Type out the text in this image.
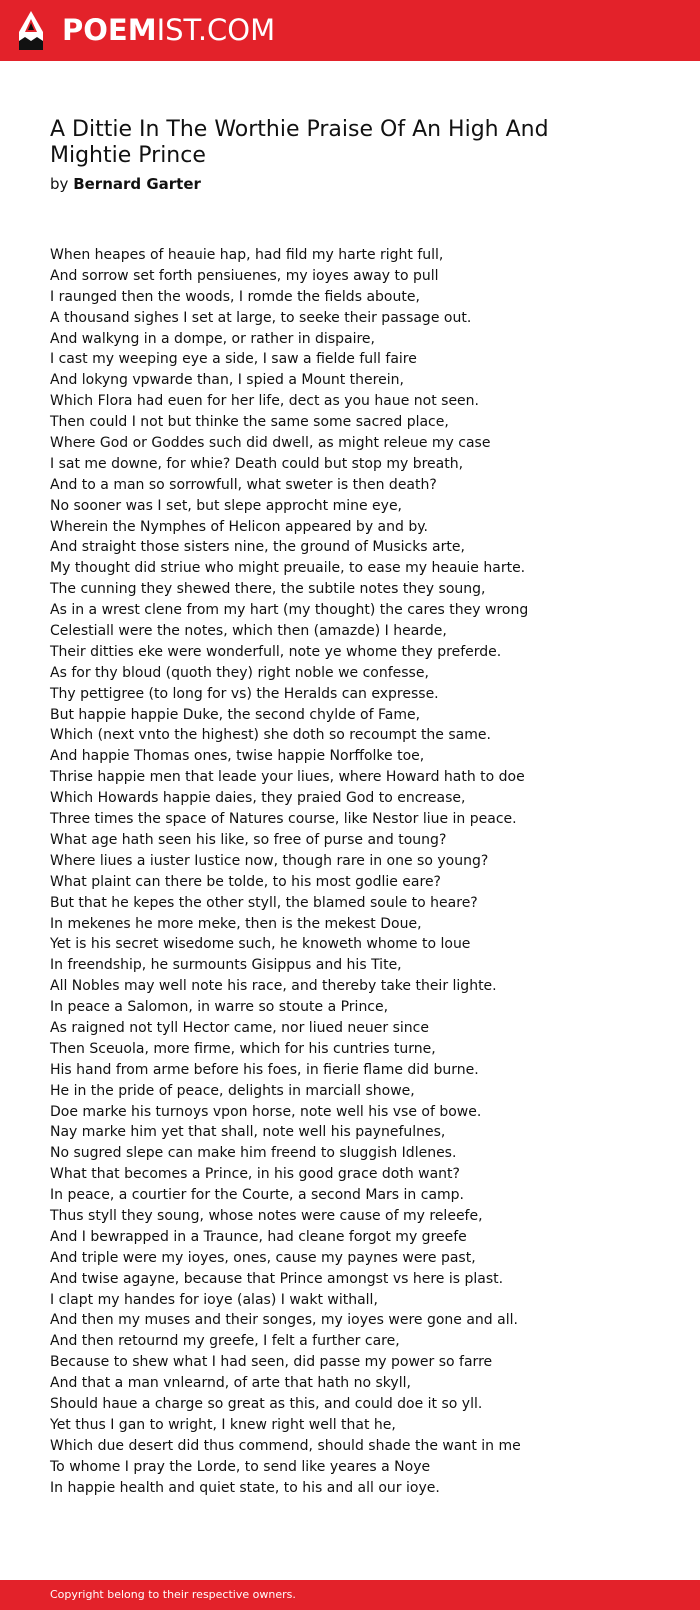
POEMIST.COM
A Dittie In The Worthie Praise Of An High And Mightie Prince
by Bernard Garter
When heapes of heauie hap, had fild my harte right full,
And sorrow set forth pensiuenes, my ioyes away to pull
I raunged then the woods, I romde the fields aboute,
A thousand sighes I set at large, to seeke their passage out.
And walkyng in a dompe, or rather in dispaire,
I cast my weeping eye a side, I saw a fielde full faire
And lokyng vpwarde than, I spied a Mount therein,
Which Flora had euen for her life, dect as you haue not seen.
Then could I not but thinke the same some sacred place,
Where God or Goddes such did dwell, as might releue my case
I sat me downe, for whie? Death could but stop my breath,
And to a man so sorrowfull, what sweter is then death?
No sooner was I set, but slepe approcht mine eye,
Wherein the Nymphes of Helicon appeared by and by.
And straight those sisters nine, the ground of Musicks arte,
My thought did striue who might preuaile, to ease my heauie harte.
The cunning they shewed there, the subtile notes they soung,
As in a wrest clene from my hart (my thought) the cares they wrong
Celestiall were the notes, which then (amazde) I hearde,
Their ditties eke were wonderfull, note ye whome they preferde.
As for thy bloud (quoth they) right noble we confesse,
Thy pettigree (to long for vs) the Heralds can expresse.
But happie happie Duke, the second chylde of Fame,
Which (next vnto the highest) she doth so recoumpt the same.
And happie Thomas ones, twise happie Norffolke toe,
Thrise happie men that leade your liues, where Howard hath to doe
Which Howards happie daies, they praied God to encrease,
Three times the space of Natures course, like Nestor liue in peace.
What age hath seen his like, so free of purse and toung?
Where liues a iuster Iustice now, though rare in one so young?
What plaint can there be tolde, to his most godlie eare?
But that he kepes the other styll, the blamed soule to heare?
In mekenes he more meke, then is the mekest Doue,
Yet is his secret wisedome such, he knoweth whome to loue
In freendship, he surmounts Gisippus and his Tite,
All Nobles may well note his race, and thereby take their lighte.
In peace a Salomon, in warre so stoute a Prince,
As raigned not tyll Hector came, nor liued neuer since
Then Sceuola, more firme, which for his cuntries turne,
His hand from arme before his foes, in fierie flame did burne.
He in the pride of peace, delights in marciall showe,
Doe marke his turnoys vpon horse, note well his vse of bowe.
Nay marke him yet that shall, note well his paynefulnes,
No sugred slepe can make him freend to sluggish Idlenes.
What that becomes a Prince, in his good grace doth want?
In peace, a courtier for the Courte, a second Mars in camp.
Thus styll they soung, whose notes were cause of my releefe,
And I bewrapped in a Traunce, had cleane forgot my greefe
And triple were my ioyes, ones, cause my paynes were past,
And twise agayne, because that Prince amongst vs here is plast.
I clapt my handes for ioye (alas) I wakt withall,
And then my muses and their songes, my ioyes were gone and all.
And then retournd my greefe, I felt a further care,
Because to shew what I had seen, did passe my power so farre
And that a man vnlearnd, of arte that hath no skyll,
Should haue a charge so great as this, and could doe it so yll.
Yet thus I gan to wright, I knew right well that he,
Which due desert did thus commend, should shade the want in me
To whome I pray the Lorde, to send like yeares a Noye
In happie health and quiet state, to his and all our ioye.
Copyright belong to their respective owners.
